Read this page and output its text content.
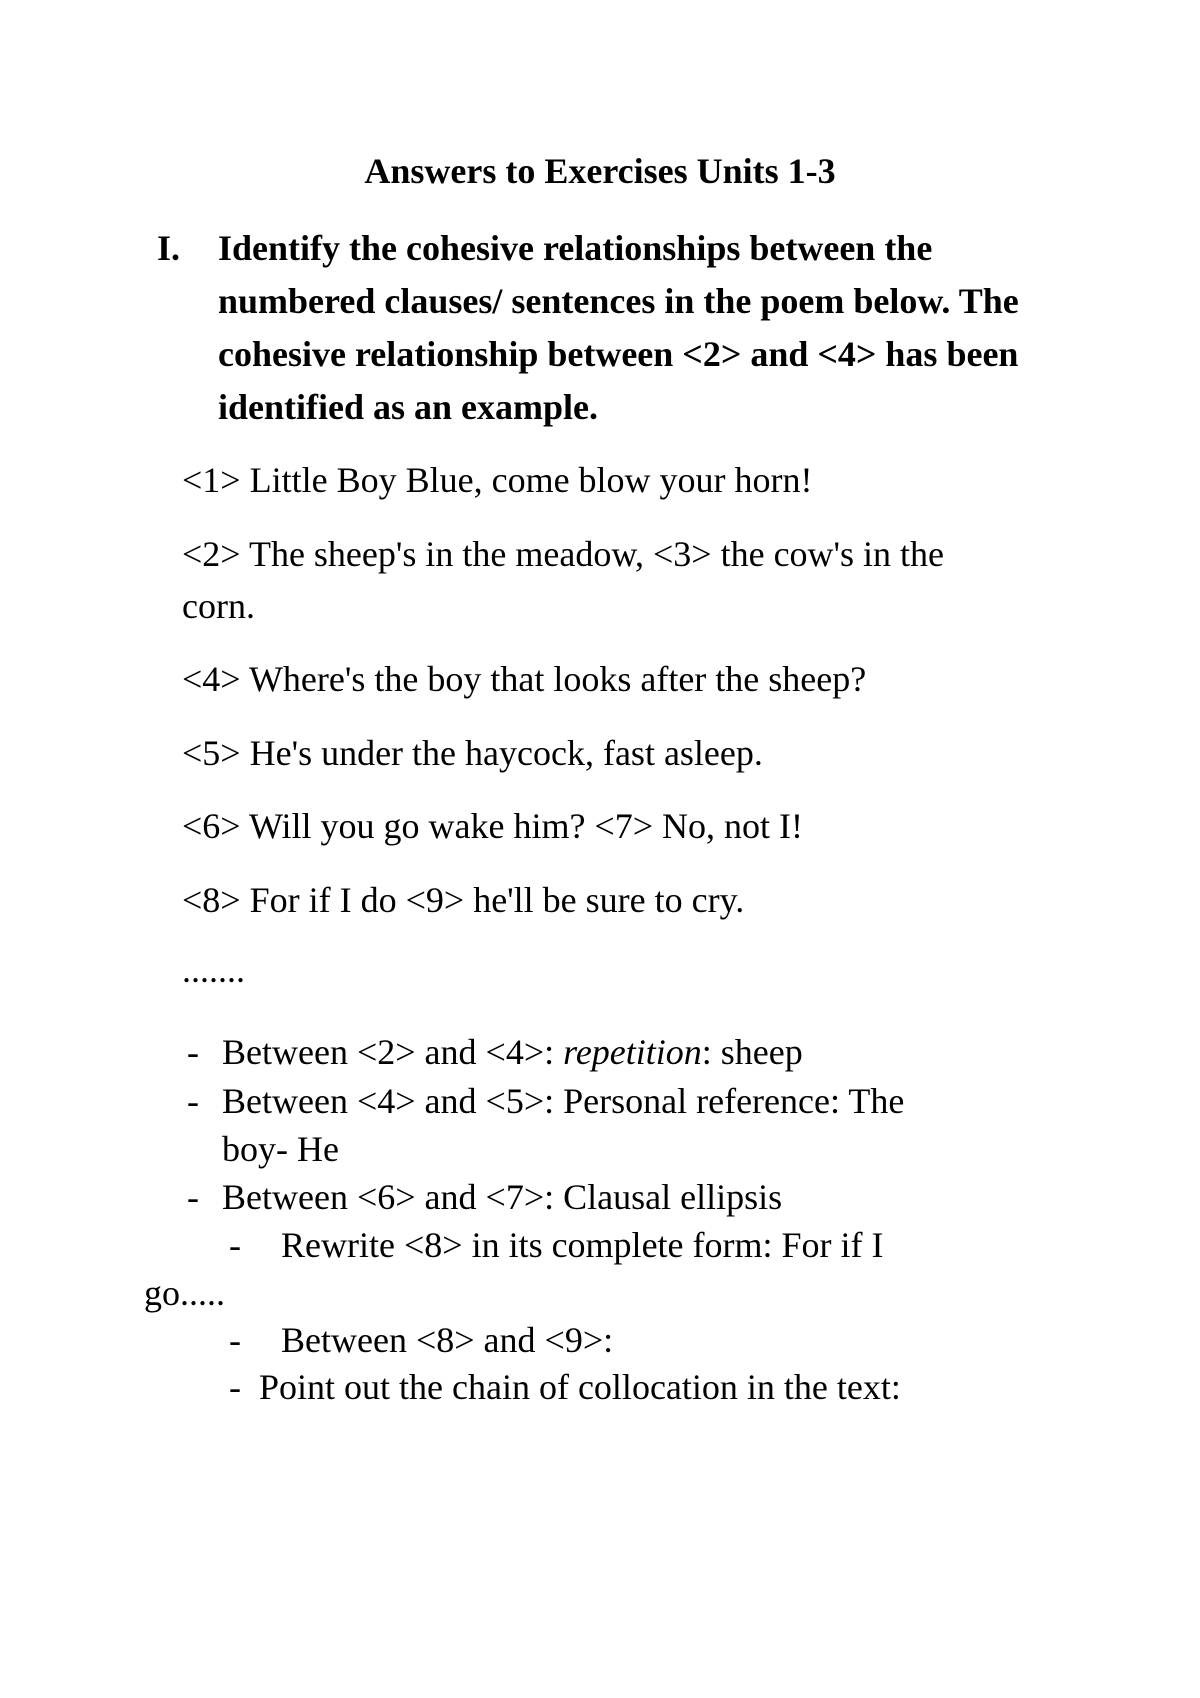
Answers to Exercises Units 1-3
I. Identify the cohesive relationships between the numbered clauses/ sentences in the poem below. The cohesive relationship between <2> and <4> has been identified as an example.
<1> Little Boy Blue, come blow your horn!
<2> The sheep's in the meadow, <3> the cow's in the
corn.
<4> Where's the boy that looks after the sheep?
<5> He's under the haycock, fast asleep.
<6> Will you go wake him? <7> No, not I!
<8> For if I do <9> he'll be sure to cry.
.......
- Between <2> and <4>: repetition: sheep
- Between <4> and <5>: Personal reference: The
boy- He
- Between <6> and <7>: Clausal ellipsis
- Rewrite <8> in its complete form: For if I
go.....
- Between <8> and <9>:
- Point out the chain of collocation in the text:
